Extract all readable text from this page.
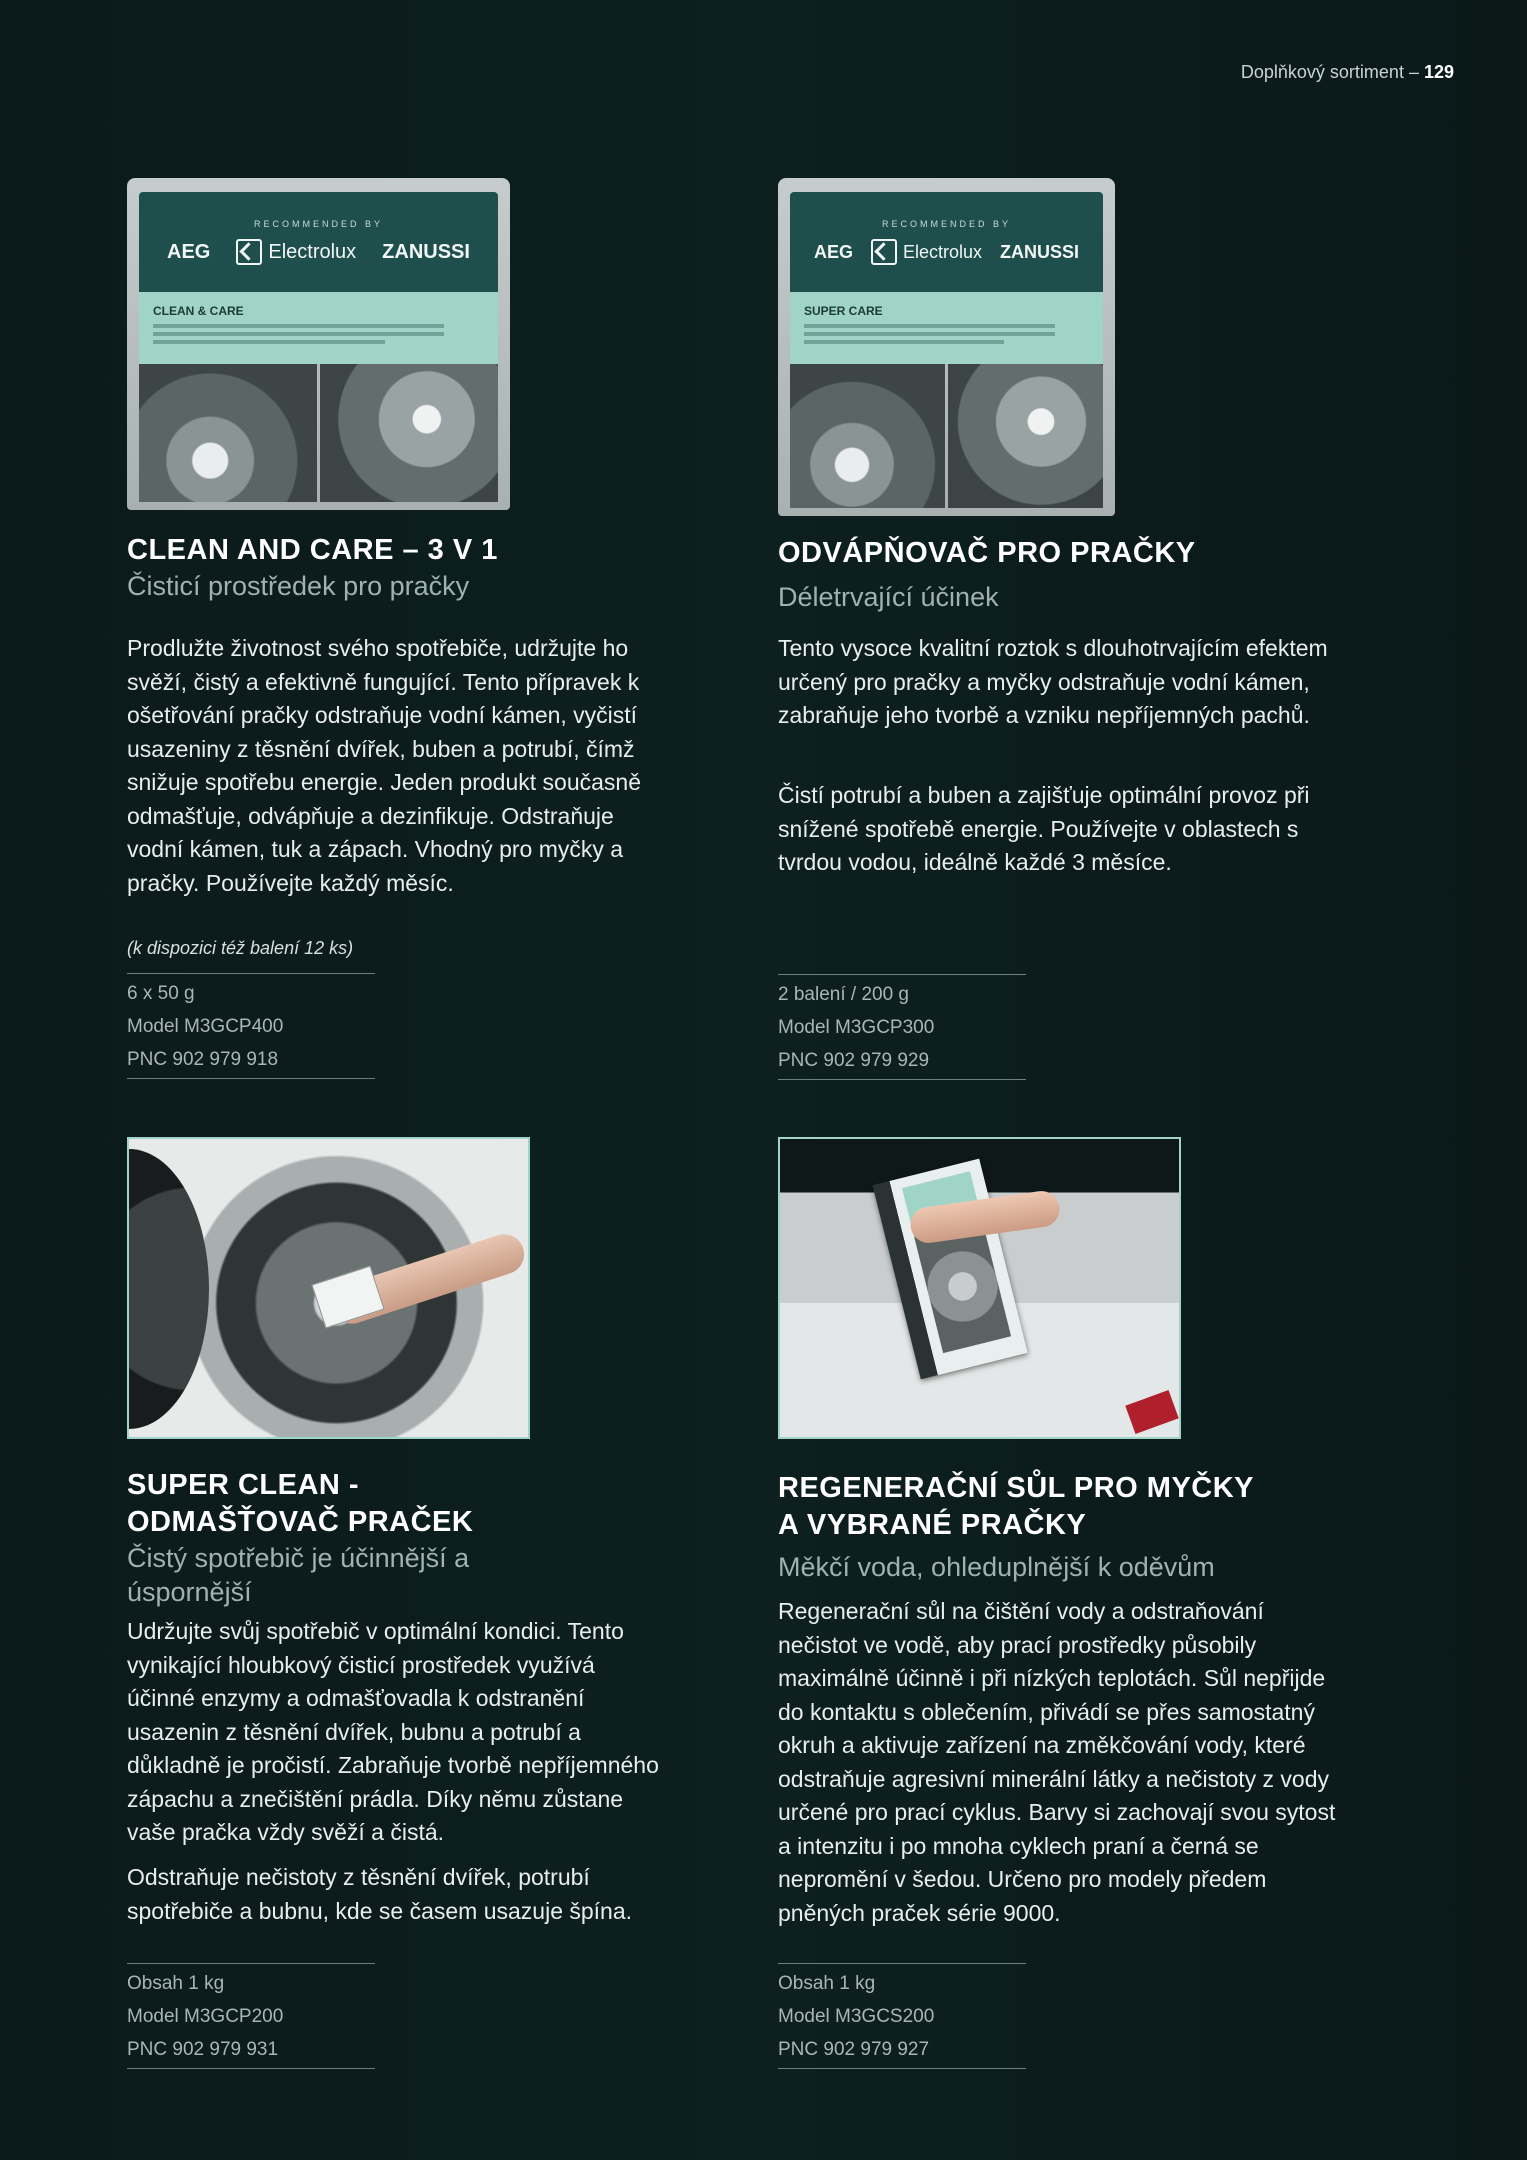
Doplňkový sortiment – 129
RECOMMENDED BY
AEG	Electrolux ZANUSSI
CLEAN & CARE
CLEAN AND CARE – 3 V 1

Čisticí prostředek pro pračky

Prodlužte životnost svého spotřebiče, udržujte ho svěží, čistý a efektivně fungující. Tento přípravek k ošetřování pračky odstraňuje vodní kámen, vyčistí usazeniny z těsnění dvířek, buben a potrubí, čímž snižuje spotřebu energie. Jeden produkt současně odmašťuje, odvápňuje a dezinfikuje. Odstraňuje vodní kámen, tuk a zápach. Vhodný pro myčky a pračky. Používejte každý měsíc.

(k dispozici též balení 12 ks)

6 x 50 g
Model M3GCP400
PNC 902 979 918
RECOMMENDED BY
AEG	Electrolux ZANUSSI
SUPER CARE
ODVÁPŇOVAČ PRO PRAČKY

Déletrvající účinek

Tento vysoce kvalitní roztok s dlouhotrvajícím efektem určený pro pračky a myčky odstraňuje vodní kámen, zabraňuje jeho tvorbě a vzniku nepříjemných pachů.

Čistí potrubí a buben a zajišťuje optimální provoz při snížené spotřebě energie. Používejte v oblastech s tvrdou vodou, ideálně každé 3 měsíce.

2 balení / 200 g
Model M3GCP300
PNC 902 979 929
SUPER CLEAN - ODMAŠŤOVAČ PRAČEK

Čistý spotřebič je účinnější a úspornější

Udržujte svůj spotřebič v optimální kondici. Tento vynikající hloubkový čisticí prostředek využívá účinné enzymy a odmašťovadla k odstranění usazenin z těsnění dvířek, bubnu a potrubí a důkladně je pročistí. Zabraňuje tvorbě nepříjemného zápachu a znečištění prádla. Díky němu zůstane vaše pračka vždy svěží a čistá.

Odstraňuje nečistoty z těsnění dvířek, potrubí spotřebiče a bubnu, kde se časem usazuje špína.

Obsah 1 kg
Model M3GCP200
PNC 902 979 931
REGENERAČNÍ SŮL PRO MYČKY A VYBRANÉ PRAČKY

Měkčí voda, ohleduplnější k oděvům

Regenerační sůl na čištění vody a odstraňování nečistot ve vodě, aby prací prostředky působily maximálně účinně i při nízkých teplotách. Sůl nepřijde do kontaktu s oblečením, přivádí se přes samostatný okruh a aktivuje zařízení na změkčování vody, které odstraňuje agresivní minerální látky a nečistoty z vody určené pro prací cyklus. Barvy si zachovají svou sytost a intenzitu i po mnoha cyklech praní a černá se nepromění v šedou. Určeno pro modely předem pněných praček série 9000.

Obsah 1 kg
Model M3GCS200
PNC 902 979 927
